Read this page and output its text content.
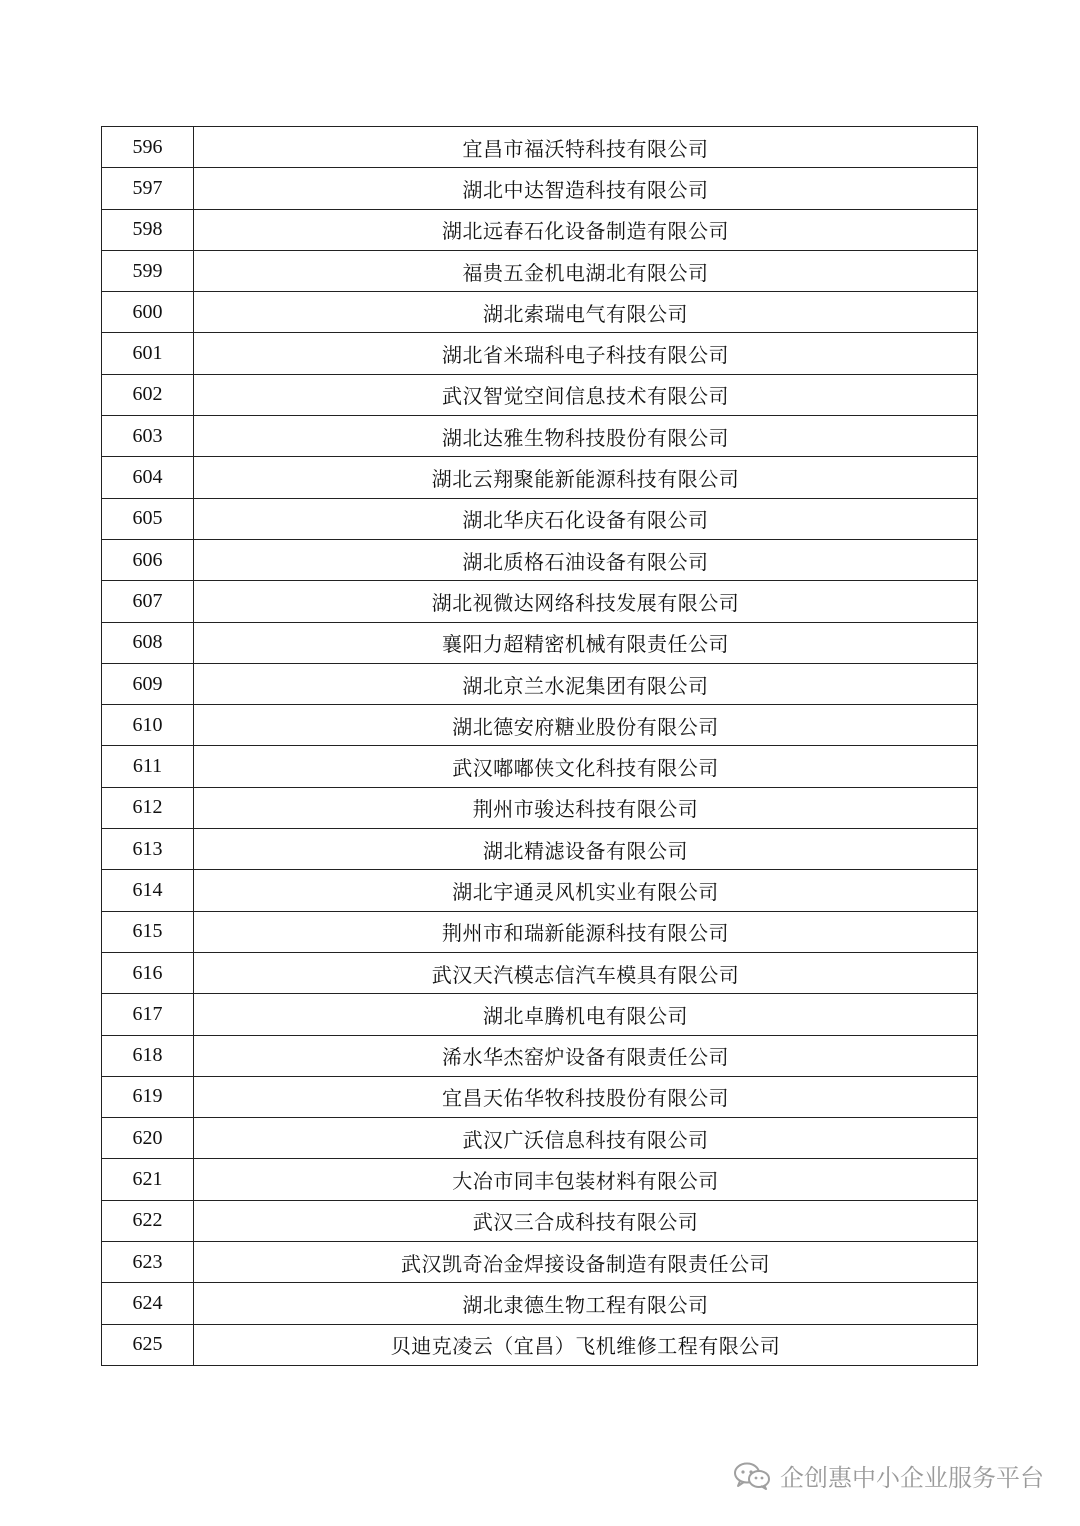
596	宜昌市福沃特科技有限公司
597	湖北中达智造科技有限公司
598	湖北远春石化设备制造有限公司
599	福贵五金机电湖北有限公司
600	湖北索瑞电气有限公司
601	湖北省米瑞科电子科技有限公司
602	武汉智觉空间信息技术有限公司
603	湖北达雅生物科技股份有限公司
604	湖北云翔聚能新能源科技有限公司
605	湖北华庆石化设备有限公司
606	湖北质格石油设备有限公司
607	湖北视微达网络科技发展有限公司
608	襄阳力超精密机械有限责任公司
609	湖北京兰水泥集团有限公司
610	湖北德安府糖业股份有限公司
611	武汉嘟嘟侠文化科技有限公司
612	荆州市骏达科技有限公司
613	湖北精滤设备有限公司
614	湖北宇通灵风机实业有限公司
615	荆州市和瑞新能源科技有限公司
616	武汉天汽模志信汽车模具有限公司
617	湖北卓腾机电有限公司
618	浠水华杰窑炉设备有限责任公司
619	宜昌天佑华牧科技股份有限公司
620	武汉广沃信息科技有限公司
621	大冶市同丰包装材料有限公司
622	武汉三合成科技有限公司
623	武汉凯奇冶金焊接设备制造有限责任公司
624	湖北隶德生物工程有限公司
625	贝迪克凌云（宜昌）飞机维修工程有限公司
企创惠中小企业服务平台
